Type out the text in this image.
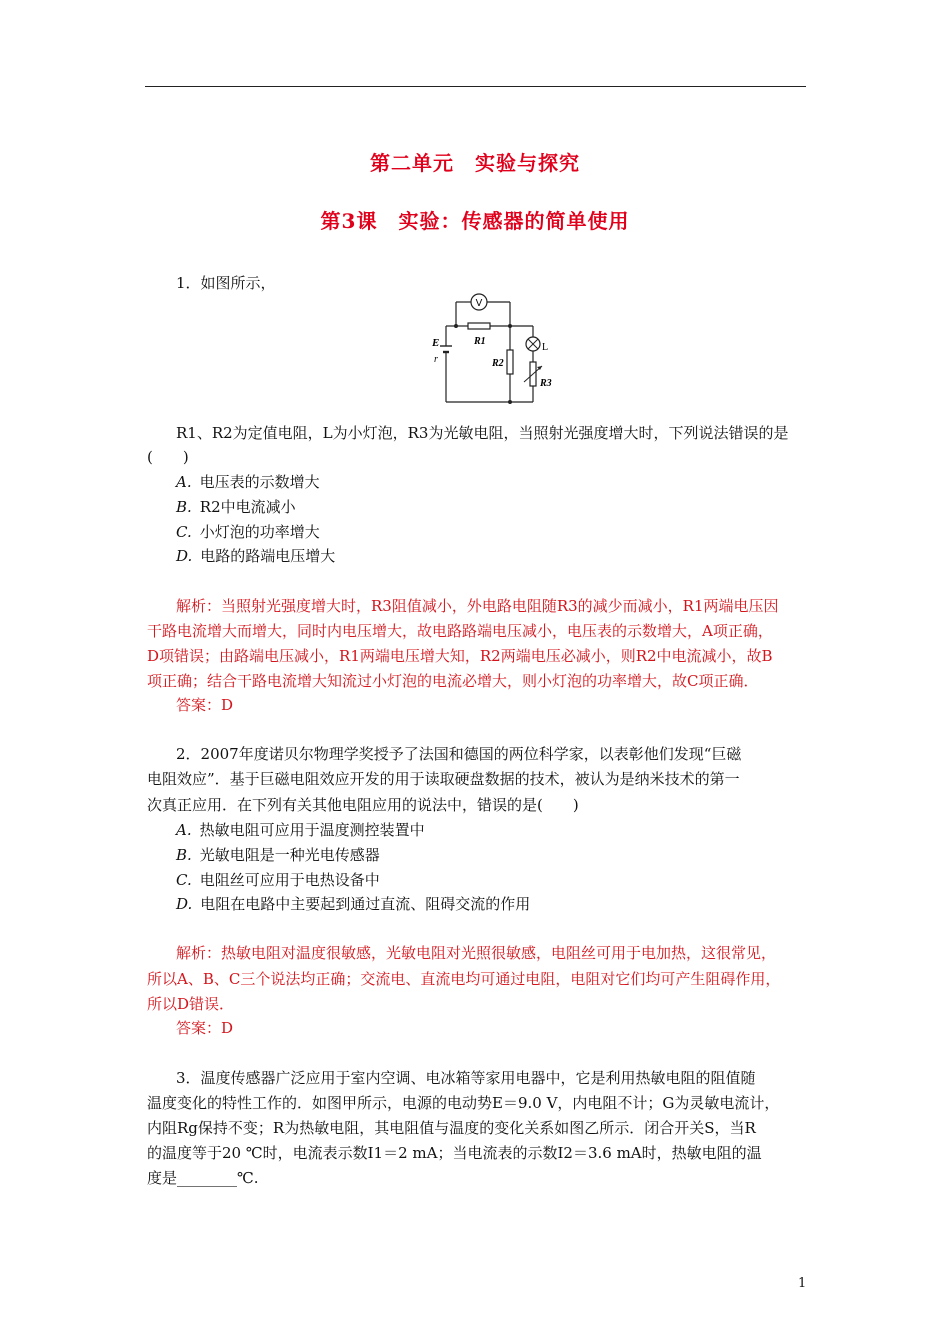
第二单元　实验与探究
第3课　实验：传感器的简单使用
1．如图所示，
V
E
r
R1
R2
L
R3
R1、R2为定值电阻，L为小灯泡，R3为光敏电阻，当照射光强度增大时，下列说法错误的是
(　　)
A. 电压表的示数增大
B. R2中电流减小
C. 小灯泡的功率增大
D. 电路的路端电压增大
解析：当照射光强度增大时，R3阻值减小，外电路电阻随R3的减少而减小，R1两端电压因
干路电流增大而增大，同时内电压增大，故电路路端电压减小，电压表的示数增大，A项正确，
D项错误；由路端电压减小，R1两端电压增大知，R2两端电压必减小，则R2中电流减小，故B
项正确；结合干路电流增大知流过小灯泡的电流必增大，则小灯泡的功率增大，故C项正确．
答案：D
2．2007年度诺贝尔物理学奖授予了法国和德国的两位科学家，以表彰他们发现“巨磁
电阻效应”．基于巨磁电阻效应开发的用于读取硬盘数据的技术，被认为是纳米技术的第一
次真正应用．在下列有关其他电阻应用的说法中，错误的是(　　)
A. 热敏电阻可应用于温度测控装置中
B. 光敏电阻是一种光电传感器
C. 电阻丝可应用于电热设备中
D. 电阻在电路中主要起到通过直流、阻碍交流的作用
解析：热敏电阻对温度很敏感，光敏电阻对光照很敏感，电阻丝可用于电加热，这很常见，
所以A、B、C三个说法均正确；交流电、直流电均可通过电阻，电阻对它们均可产生阻碍作用，
所以D错误．
答案：D
3．温度传感器广泛应用于室内空调、电冰箱等家用电器中，它是利用热敏电阻的阻值随
温度变化的特性工作的．如图甲所示，电源的电动势E＝9.0 V，内电阻不计；G为灵敏电流计，
内阻Rg保持不变；R为热敏电阻，其电阻值与温度的变化关系如图乙所示．闭合开关S，当R
的温度等于20 ℃时，电流表示数I1＝2 mA；当电流表的示数I2＝3.6 mA时，热敏电阻的温
度是________℃.
1
